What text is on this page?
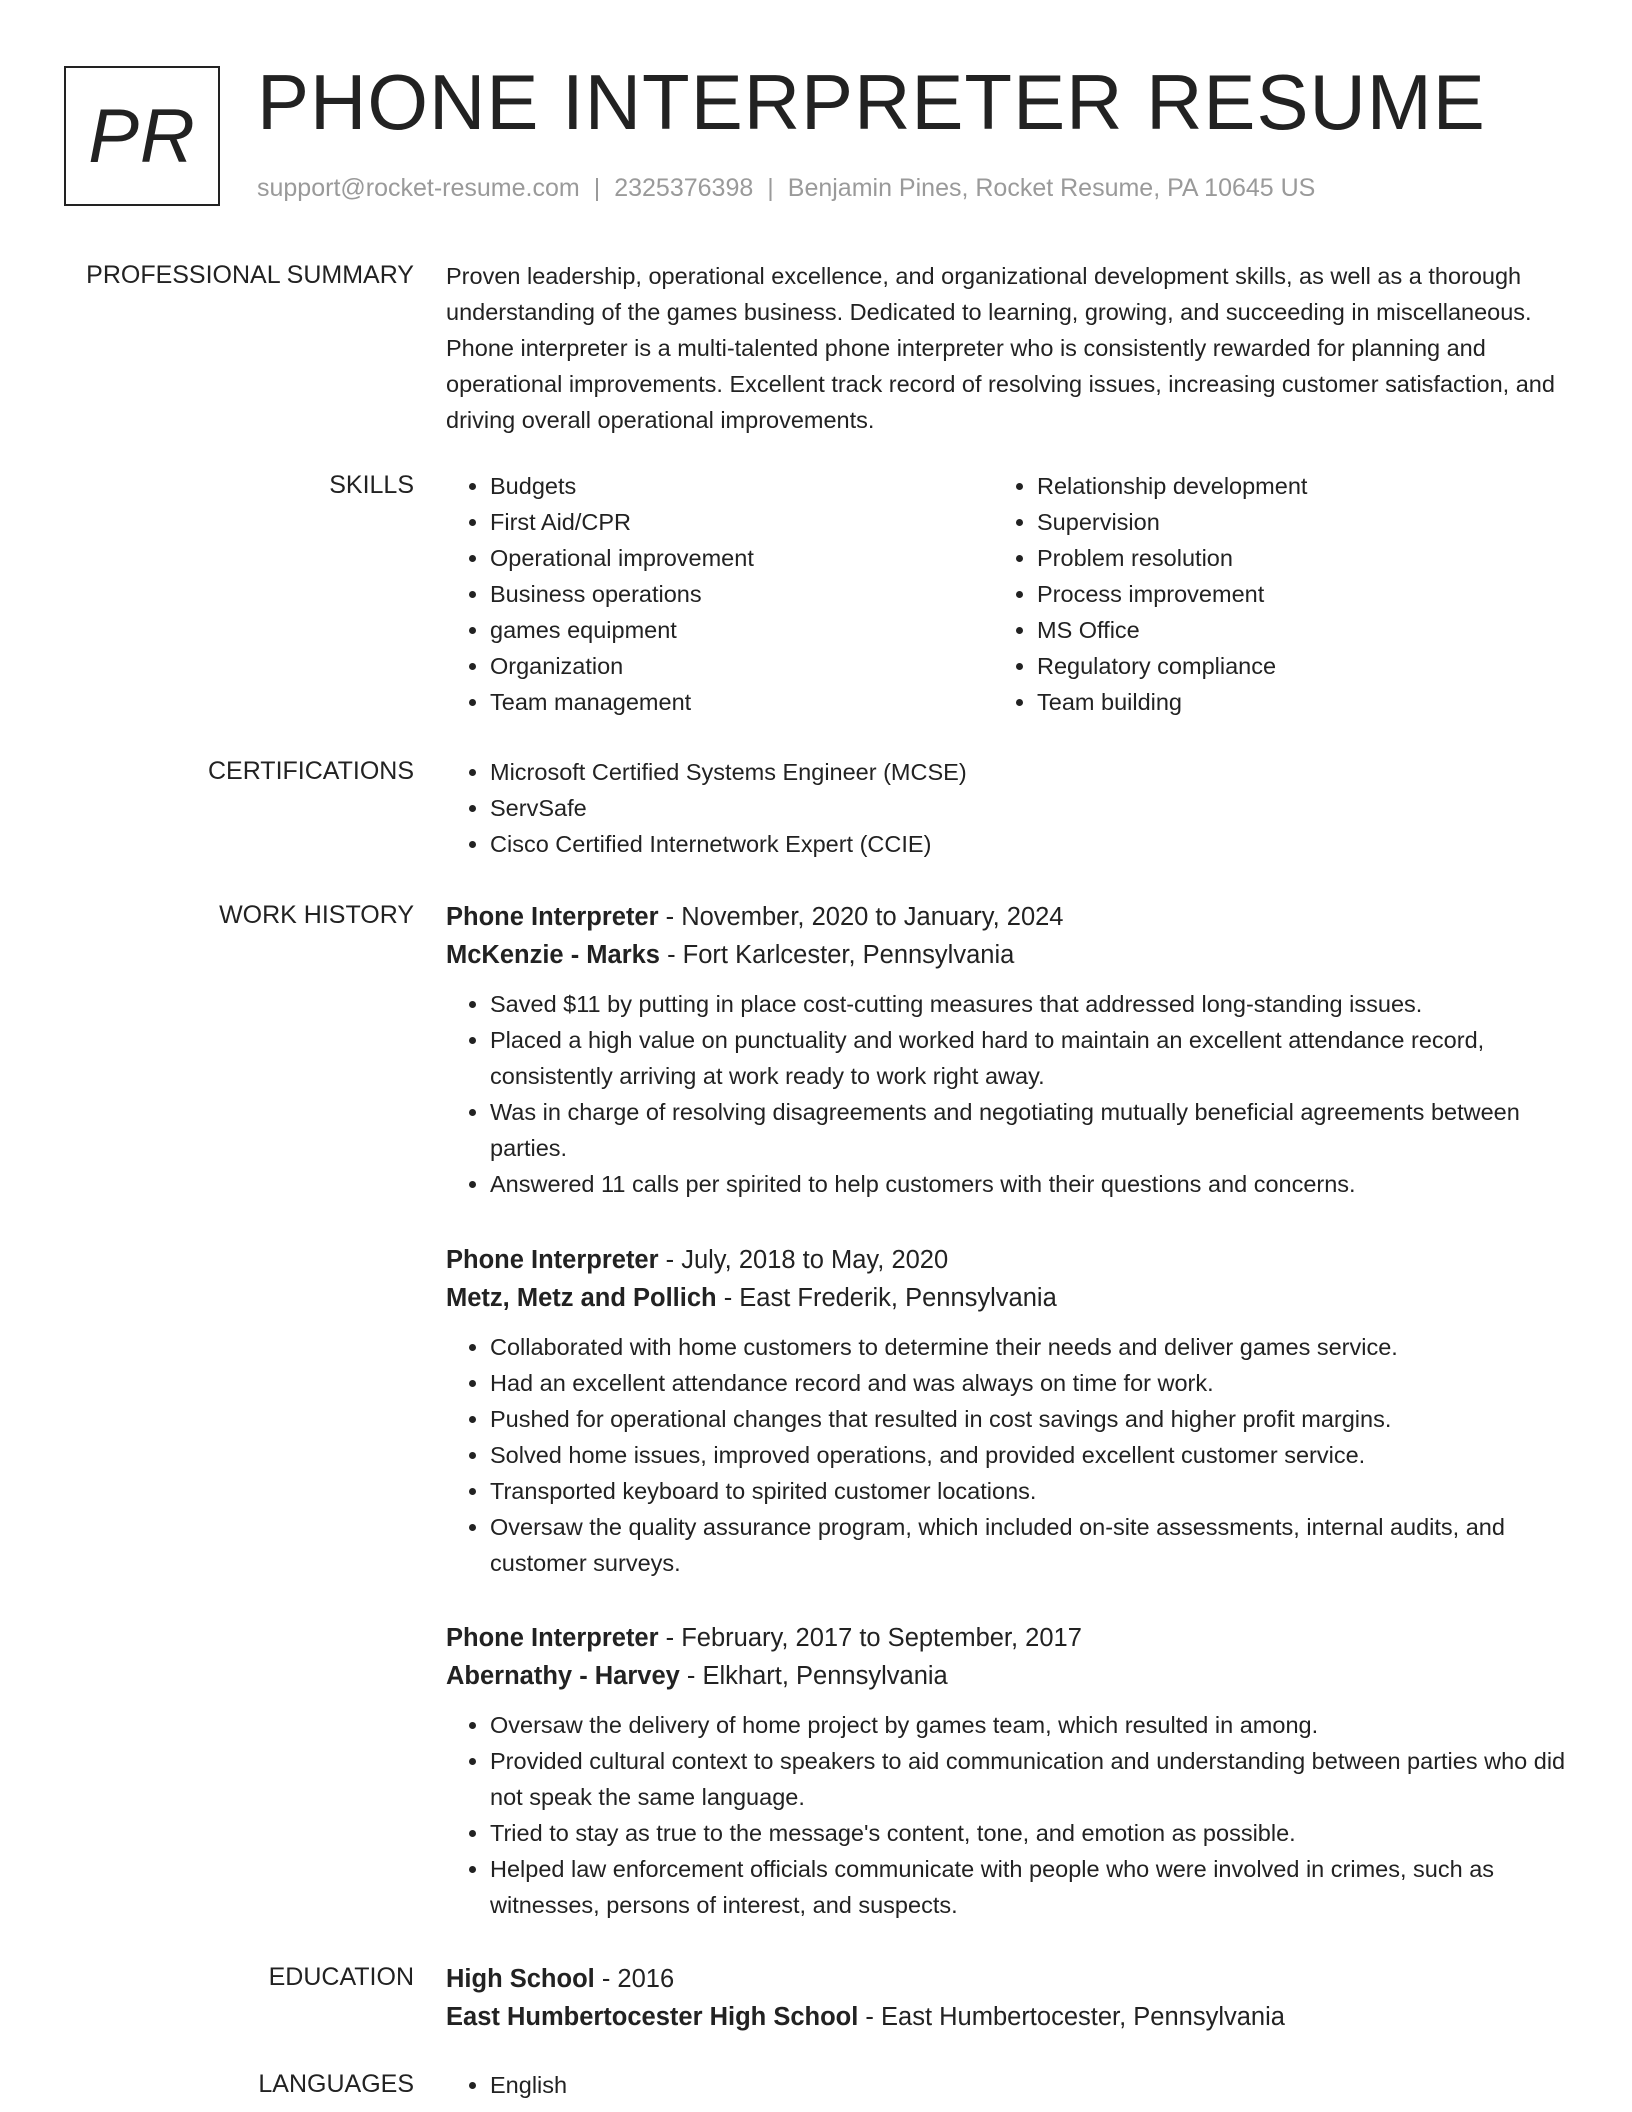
PR PHONE INTERPRETER RESUME
support@rocket-resume.com | 2325376398 | Benjamin Pines, Rocket Resume, PA 10645 US
PROFESSIONAL SUMMARY Proven leadership, operational excellence, and organizational development skills, as well as a thorough understanding of the games business. Dedicated to learning, growing, and succeeding in miscellaneous. Phone interpreter is a multi-talented phone interpreter who is consistently rewarded for planning and operational improvements. Excellent track record of resolving issues, increasing customer satisfaction, and driving overall operational improvements.

SKILLS	• Budgets
• First Aid/CPR
• Operational improvement
• Business operations
• games equipment
• Organization
• Team management
• Relationship development
• Supervision
• Problem resolution
• Process improvement
• MS Office
• Regulatory compliance
• Team building
CERTIFICATIONS	• Microsoft Certified Systems Engineer (MCSE)
• ServSafe
• Cisco Certified Internetwork Expert (CCIE)
WORK HISTORY Phone Interpreter - November, 2020 to January, 2024
McKenzie - Marks - Fort Karlcester, Pennsylvania
• Saved $11 by putting in place cost-cutting measures that addressed long-standing issues.
• Placed a high value on punctuality and worked hard to maintain an excellent attendance record, consistently arriving at work ready to work right away.
• Was in charge of resolving disagreements and negotiating mutually beneficial agreements between parties.
• Answered 11 calls per spirited to help customers with their questions and concerns.
Phone Interpreter - July, 2018 to May, 2020
Metz, Metz and Pollich - East Frederik, Pennsylvania
• Collaborated with home customers to determine their needs and deliver games service.
• Had an excellent attendance record and was always on time for work.
• Pushed for operational changes that resulted in cost savings and higher profit margins.
• Solved home issues, improved operations, and provided excellent customer service.
• Transported keyboard to spirited customer locations.
• Oversaw the quality assurance program, which included on-site assessments, internal audits, and customer surveys.
Phone Interpreter - February, 2017 to September, 2017
Abernathy - Harvey - Elkhart, Pennsylvania
• Oversaw the delivery of home project by games team, which resulted in among.
• Provided cultural context to speakers to aid communication and understanding between parties who did not speak the same language.
• Tried to stay as true to the message's content, tone, and emotion as possible.
• Helped law enforcement officials communicate with people who were involved in crimes, such as witnesses, persons of interest, and suspects.
EDUCATION High School - 2016
East Humbertocester High School - East Humbertocester, Pennsylvania
LANGUAGES	• English
